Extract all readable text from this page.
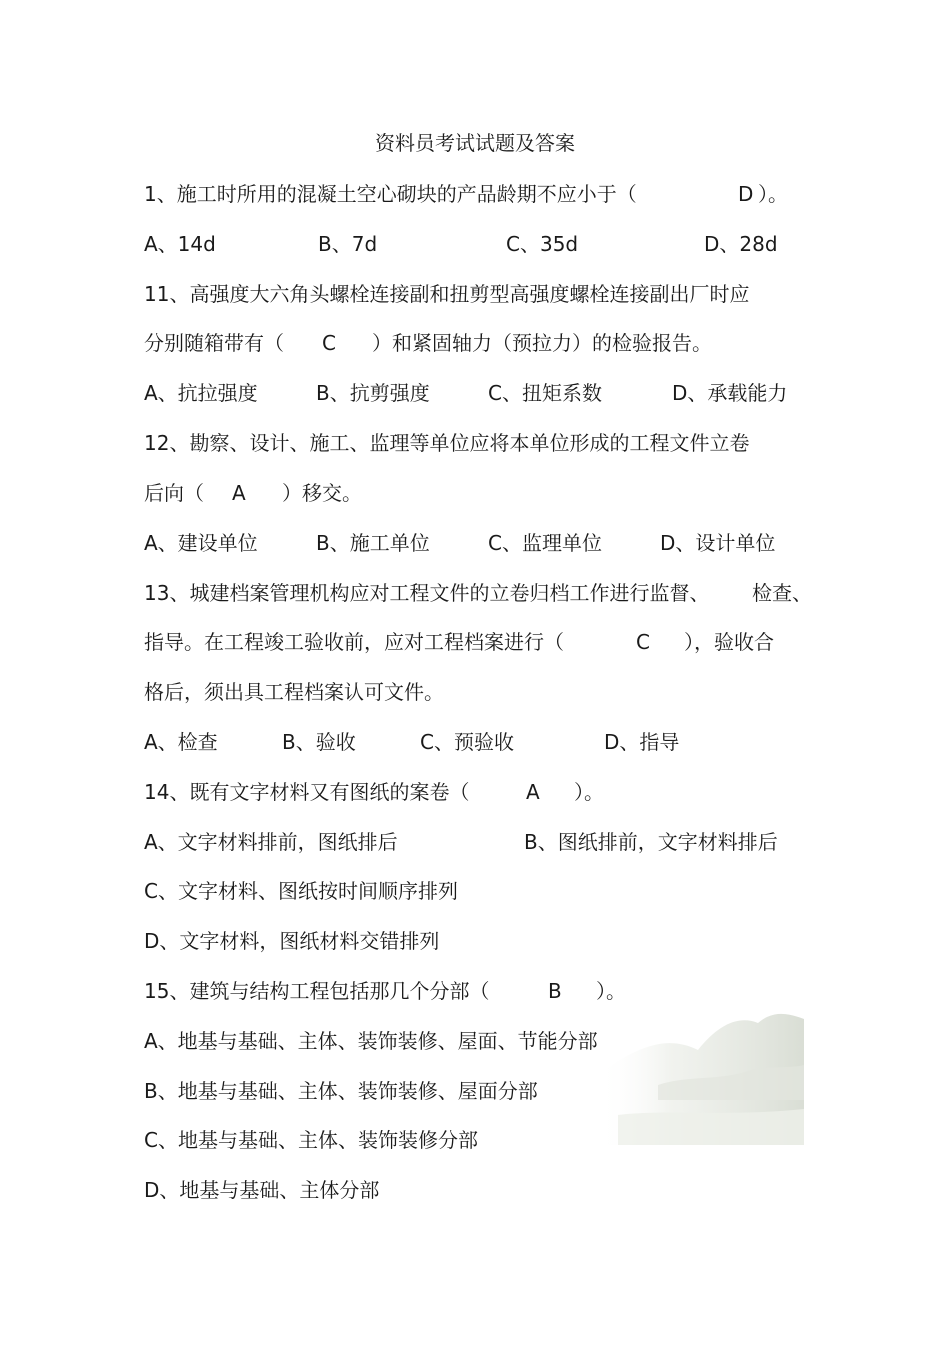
资料员考试试题及答案
1、施工时所用的混凝土空心砌块的产品龄期不应小于（	D ）。
A、14d	B、7d	C、35d	D、28d
11、高强度大六角头螺栓连接副和扭剪型高强度螺栓连接副出厂时应
分别随箱带有（ C ）和紧固轴力（预拉力）的检验报告。
A、抗拉强度	B、抗剪强度	C、扭矩系数	D、承载能力
12、勘察、设计、施工、监理等单位应将本单位形成的工程文件立卷
后向（ A ）移交。
A、建设单位	B、施工单位	C、监理单位	D、设计单位
13、城建档案管理机构应对工程文件的立卷归档工作进行监督、 检查、
指导。在工程竣工验收前，应对工程档案进行（	C ），验收合
格后，须出具工程档案认可文件。
A、检查	B、验收	C、预验收	D、指导
14、既有文字材料又有图纸的案卷（	A ）。
A、文字材料排前，图纸排后	B、图纸排前，文字材料排后
C、文字材料、图纸按时间顺序排列
D、文字材料，图纸材料交错排列
15、建筑与结构工程包括那几个分部（	B ）。
A、地基与基础、主体、装饰装修、屋面、节能分部
B、地基与基础、主体、装饰装修、屋面分部
C、地基与基础、主体、装饰装修分部
D、地基与基础、主体分部
